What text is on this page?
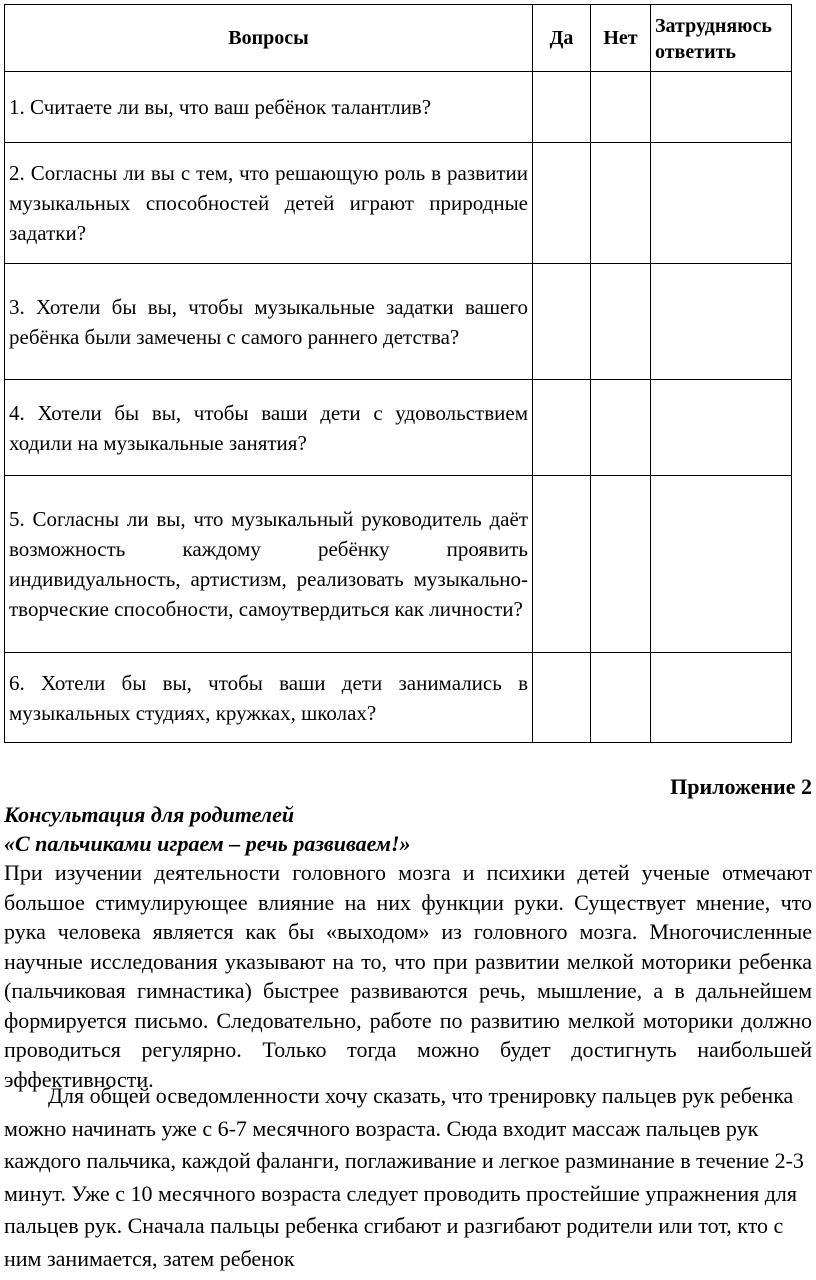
Вопросы	Да	Нет	Затрудняюсь ответить
1. Считаете ли вы, что ваш ребёнок талантлив?			
2. Согласны ли вы с тем, что решающую роль в развитии музыкальных способностей детей играют природные задатки?			
3. Хотели бы вы, чтобы музыкальные задатки вашего ребёнка были замечены с самого раннего детства?			
4. Хотели бы вы, чтобы ваши дети с удовольствием ходили на музыкальные занятия?			
5. Согласны ли вы, что музыкальный руководитель даёт возможность каждому ребёнку проявить индивидуальность, артистизм, реализовать музыкально-творческие способности, самоутвердиться как личности?			
6. Хотели бы вы, чтобы ваши дети занимались в музыкальных студиях, кружках, школах?			
Приложение 2
Консультация для родителей
«С пальчиками играем – речь развиваем!»

При изучении деятельности головного мозга и психики детей ученые отмечают большое стимулирующее влияние на них функции руки. Существует мнение, что рука человека является как бы «выходом» из головного мозга. Многочисленные научные исследования указывают на то, что при развитии мелкой моторики ребенка (пальчиковая гимнастика) быстрее развиваются речь, мышление, а в дальнейшем формируется письмо. Следовательно, работе по развитию мелкой моторики должно проводиться регулярно. Только тогда можно будет достигнуть наибольшей эффективности.

Для общей осведомленности хочу сказать, что тренировку пальцев рук ребенка можно начинать уже с 6-7 месячного возраста. Сюда входит массаж пальцев рук каждого пальчика, каждой фаланги, поглаживание и легкое разминание в течение 2-3 минут. Уже с 10 месячного возраста следует проводить простейшие упражнения для пальцев рук. Сначала пальцы ребенка сгибают и разгибают родители или тот, кто с ним занимается, затем ребенок
